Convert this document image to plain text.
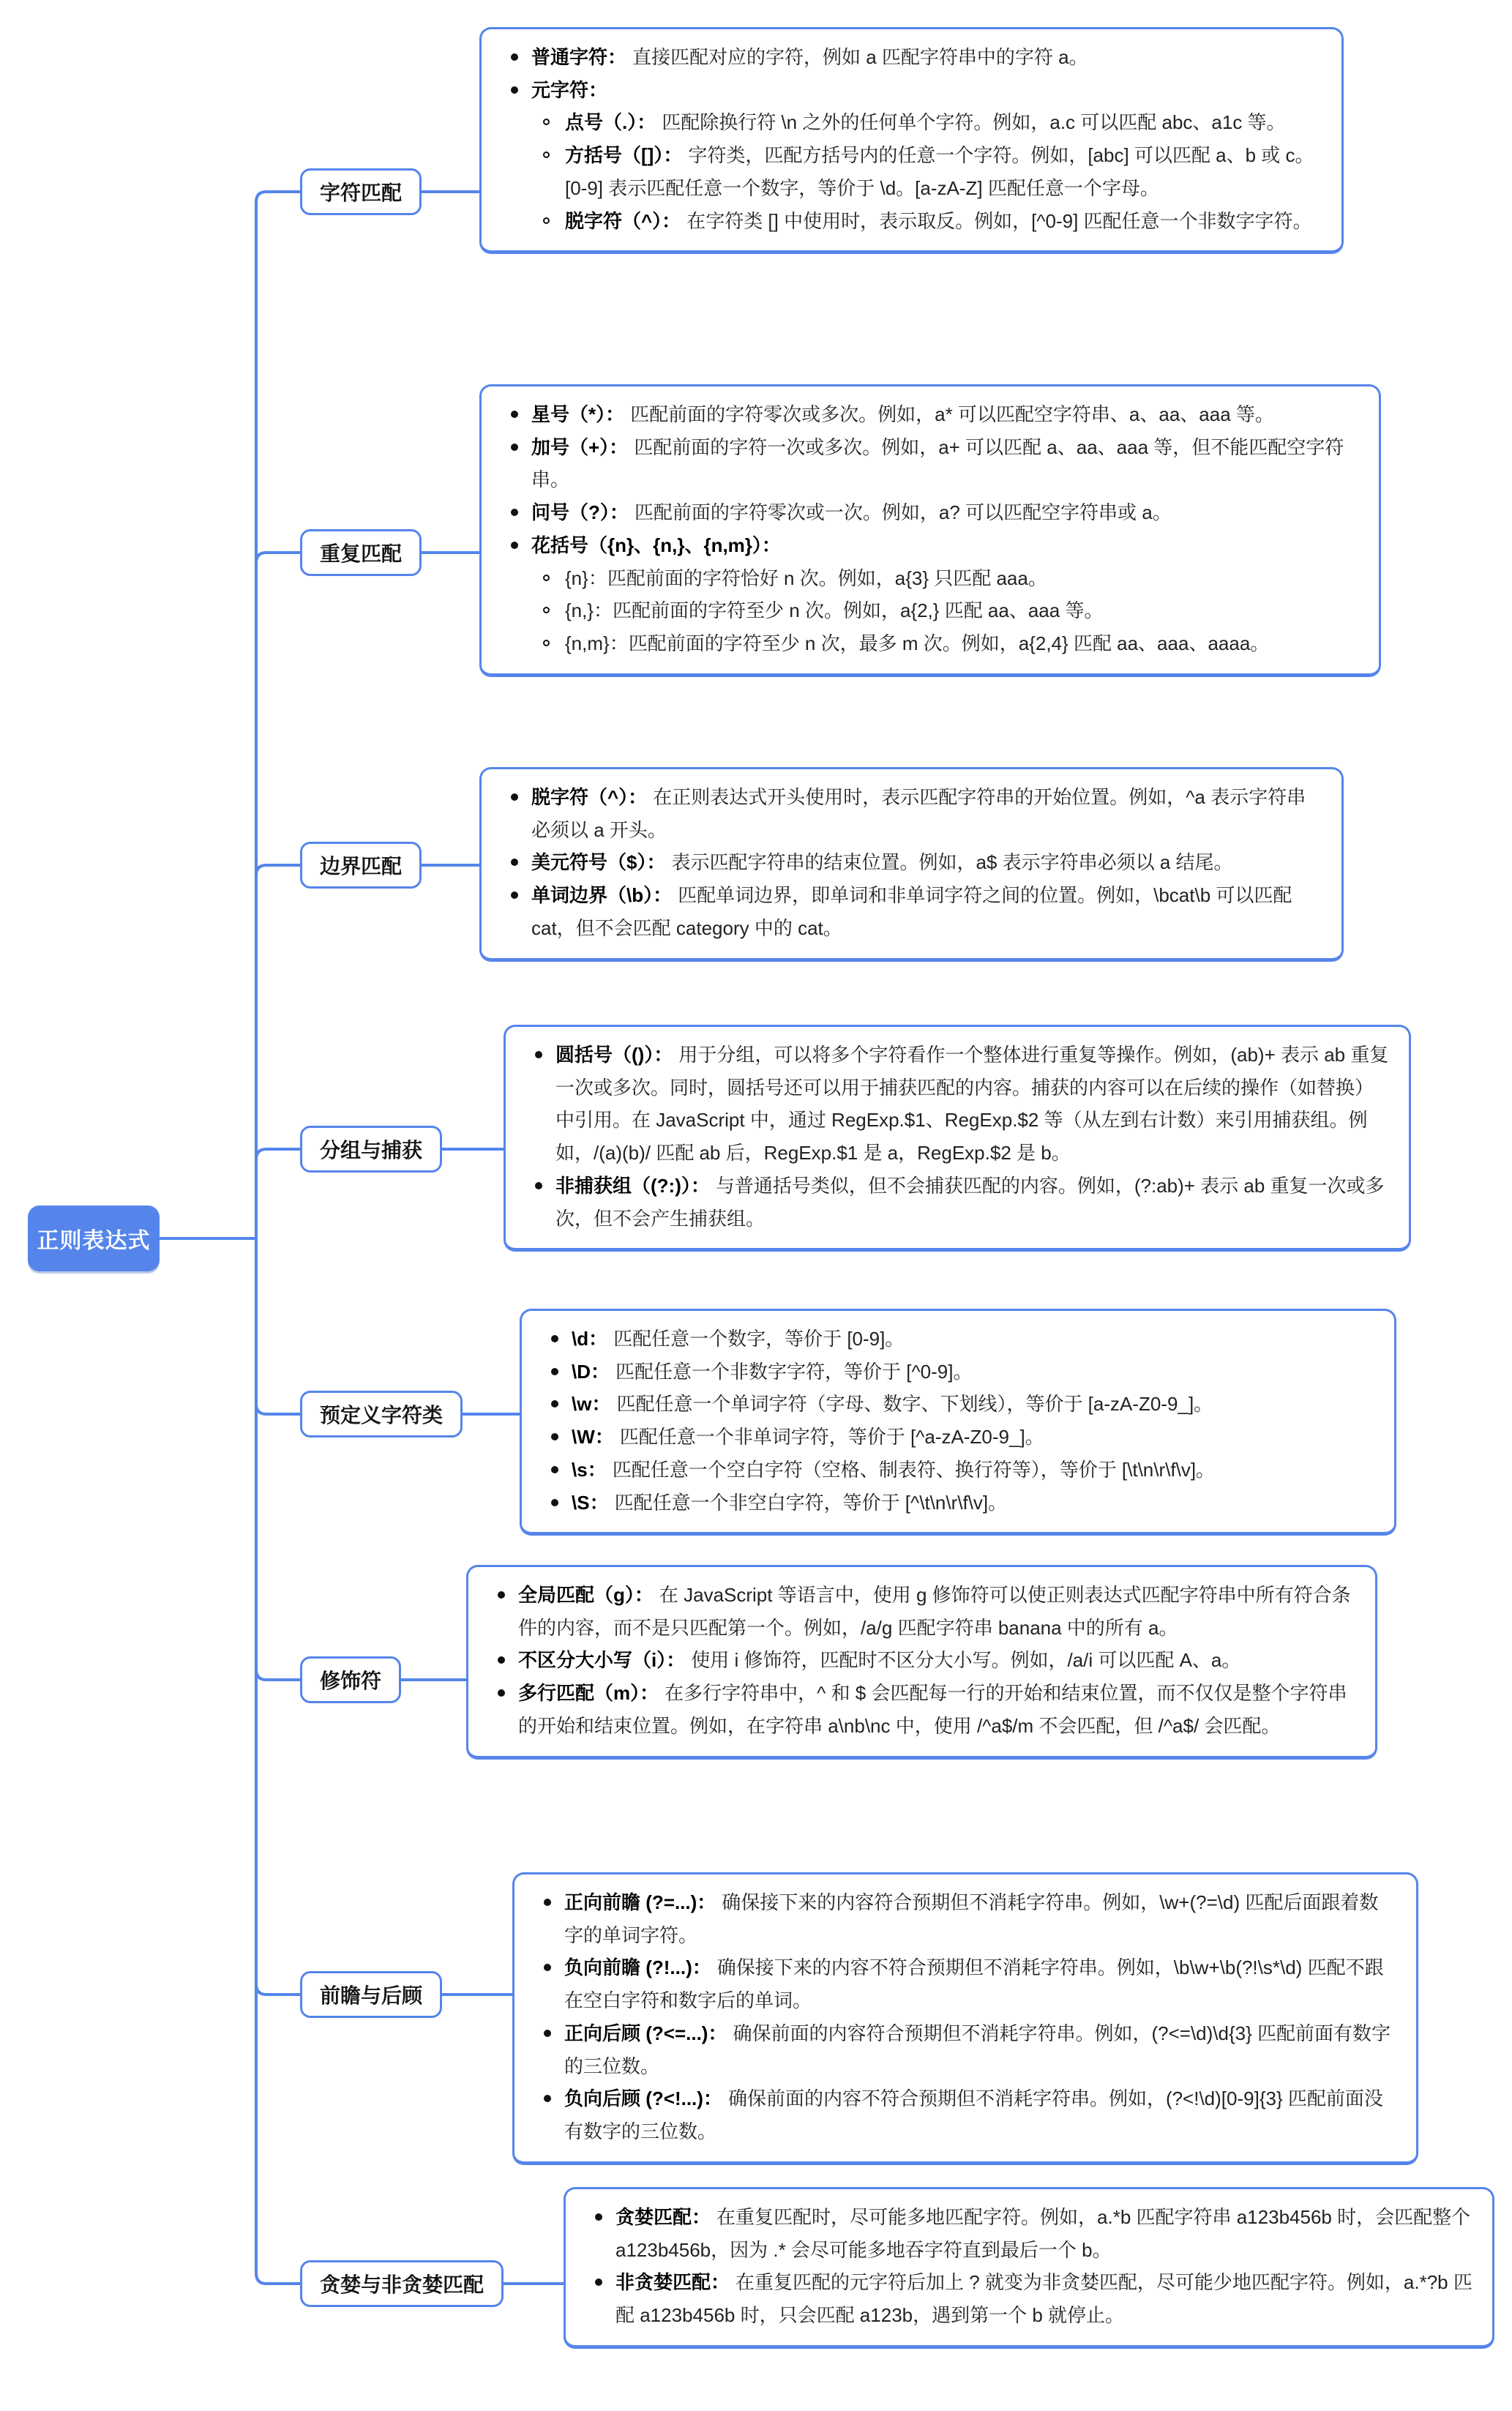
正则表达式
字符匹配
重复匹配
边界匹配
分组与捕获
预定义字符类
修饰符
前瞻与后顾
贪婪与非贪婪匹配
普通字符： 直接匹配对应的字符，例如 a 匹配字符串中的字符 a。
元字符：
点号（.）： 匹配除换行符 \n 之外的任何单个字符。例如，a.c 可以匹配 abc、a1c 等。
方括号（[]）： 字符类，匹配方括号内的任意一个字符。例如，[abc] 可以匹配 a、b 或 c。[0-9] 表示匹配任意一个数字，等价于 \d。[a-zA-Z] 匹配任意一个字母。
脱字符（^）： 在字符类 [] 中使用时，表示取反。例如，[^0-9] 匹配任意一个非数字字符。
星号（*）： 匹配前面的字符零次或多次。例如，a* 可以匹配空字符串、a、aa、aaa 等。
加号（+）： 匹配前面的字符一次或多次。例如，a+ 可以匹配 a、aa、aaa 等，但不能匹配空字符串。
问号（?）： 匹配前面的字符零次或一次。例如，a? 可以匹配空字符串或 a。
花括号（{n}、{n,}、{n,m}）：
{n}：匹配前面的字符恰好 n 次。例如，a{3} 只匹配 aaa。
{n,}：匹配前面的字符至少 n 次。例如，a{2,} 匹配 aa、aaa 等。
{n,m}：匹配前面的字符至少 n 次，最多 m 次。例如，a{2,4} 匹配 aa、aaa、aaaa。
脱字符（^）： 在正则表达式开头使用时，表示匹配字符串的开始位置。例如，^a 表示字符串必须以 a 开头。
美元符号（$）： 表示匹配字符串的结束位置。例如，a$ 表示字符串必须以 a 结尾。
单词边界（\b）： 匹配单词边界，即单词和非单词字符之间的位置。例如，\bcat\b 可以匹配 cat，但不会匹配 category 中的 cat。
圆括号（()）： 用于分组，可以将多个字符看作一个整体进行重复等操作。例如，(ab)+ 表示 ab 重复一次或多次。同时，圆括号还可以用于捕获匹配的内容。捕获的内容可以在后续的操作（如替换）中引用。在 JavaScript 中，通过 RegExp.$1、RegExp.$2 等（从左到右计数）来引用捕获组。例如，/(a)(b)/ 匹配 ab 后，RegExp.$1 是 a，RegExp.$2 是 b。
非捕获组（(?:)）： 与普通括号类似，但不会捕获匹配的内容。例如，(?:ab)+ 表示 ab 重复一次或多次，但不会产生捕获组。
\d： 匹配任意一个数字，等价于 [0-9]。
\D： 匹配任意一个非数字字符，等价于 [^0-9]。
\w： 匹配任意一个单词字符（字母、数字、下划线），等价于 [a-zA-Z0-9_]。
\W： 匹配任意一个非单词字符，等价于 [^a-zA-Z0-9_]。
\s： 匹配任意一个空白字符（空格、制表符、换行符等），等价于 [\t\n\r\f\v]。
\S： 匹配任意一个非空白字符，等价于 [^\t\n\r\f\v]。
全局匹配（g）： 在 JavaScript 等语言中，使用 g 修饰符可以使正则表达式匹配字符串中所有符合条件的内容，而不是只匹配第一个。例如，/a/g 匹配字符串 banana 中的所有 a。
不区分大小写（i）： 使用 i 修饰符，匹配时不区分大小写。例如，/a/i 可以匹配 A、a。
多行匹配（m）： 在多行字符串中，^ 和 $ 会匹配每一行的开始和结束位置，而不仅仅是整个字符串的开始和结束位置。例如，在字符串 a\nb\nc 中，使用 /^a$/m 不会匹配，但 /^a$/ 会匹配。
正向前瞻 (?=...)： 确保接下来的内容符合预期但不消耗字符串。例如，\w+(?=\d) 匹配后面跟着数字的单词字符。
负向前瞻 (?!...)： 确保接下来的内容不符合预期但不消耗字符串。例如，\b\w+\b(?!\s*\d) 匹配不跟在空白字符和数字后的单词。
正向后顾 (?<=...)： 确保前面的内容符合预期但不消耗字符串。例如，(?<=\d)\d{3} 匹配前面有数字的三位数。
负向后顾 (?<!...)： 确保前面的内容不符合预期但不消耗字符串。例如，(?<!\d)[0-9]{3} 匹配前面没有数字的三位数。
贪婪匹配： 在重复匹配时，尽可能多地匹配字符。例如，a.*b 匹配字符串 a123b456b 时，会匹配整个 a123b456b，因为 .* 会尽可能多地吞字符直到最后一个 b。
非贪婪匹配： 在重复匹配的元字符后加上 ? 就变为非贪婪匹配，尽可能少地匹配字符。例如，a.*?b 匹配 a123b456b 时，只会匹配 a123b，遇到第一个 b 就停止。
